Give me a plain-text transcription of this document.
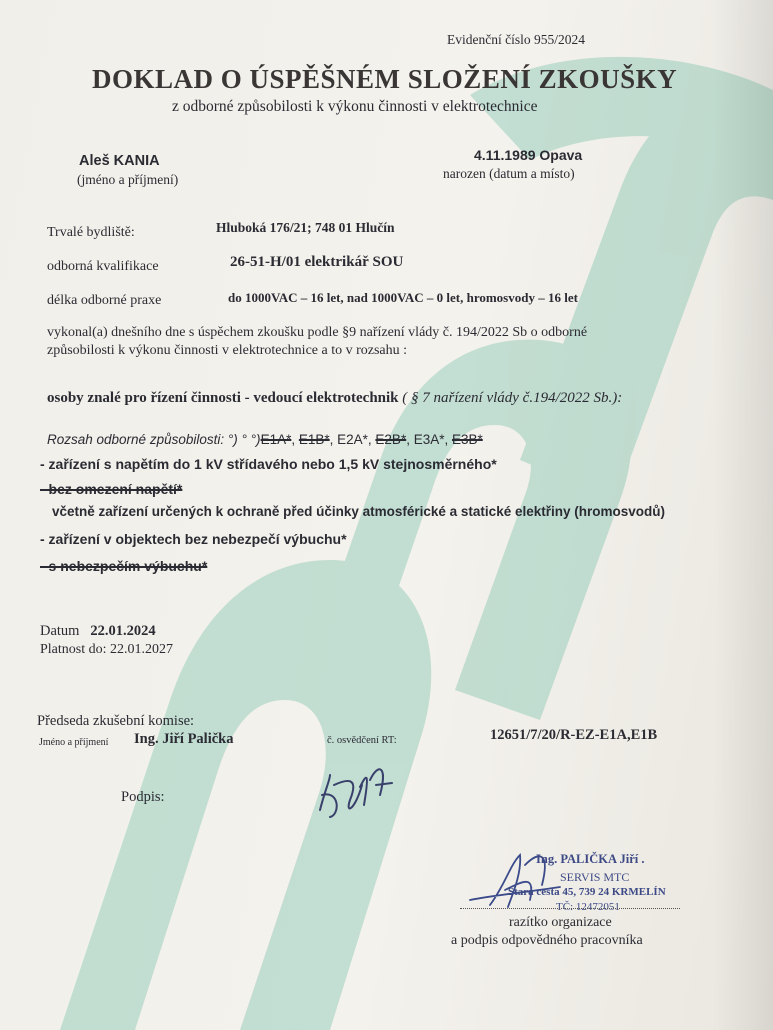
Evidenční číslo 955/2024
DOKLAD O ÚSPĚŠNÉM SLOŽENÍ ZKOUŠKY
z odborné způsobilosti k výkonu činnosti v elektrotechnice
Aleš KANIA
(jméno a příjmení)
4.11.1989 Opava
narozen (datum a místo)
Trvalé bydliště:	Hluboká 176/21; 748 01 Hlučín
odborná kvalifikace	26-51-H/01 elektrikář SOU
délka odborné praxe	do 1000VAC – 16 let, nad 1000VAC – 0 let, hromosvody – 16 let
vykonal(a) dnešního dne s úspěchem zkoušku podle §9 nařízení vlády č. 194/2022 Sb o odborné
způsobilosti k výkonu činnosti v elektrotechnice a to v rozsahu :
osoby znalé pro řízení činnosti - vedoucí elektrotechnik ( § 7 nařízení vlády č.194/2022 Sb.):
Rozsah odborné způsobilosti: °) ° °)E1A*, E1B*, E2A*, E2B*, E3A*, E3B*
- zařízení s napětím do 1 kV střídavého nebo 1,5 kV stejnosměrného*
- bez omezení napětí*
včetně zařízení určených k ochraně před účinky atmosférické a statické elektřiny (hromosvodů)
- zařízení v objektech bez nebezpečí výbuchu*
- s nebezpečím výbuchu*
Datum 22.01.2024
Platnost do: 22.01.2027
Předseda zkušební komise:
Jméno a příjmení Ing. Jiří Palička	č. osvědčení RT:	12651/7/20/R-EZ-E1A,E1B
Podpis:
Ing. PALIČKA Jiří .
SERVIS MTC
Stará cesta 45, 739 24 KRMELÍN
TČ: 12472051
razítko organizace
a podpis odpovědného pracovníka
